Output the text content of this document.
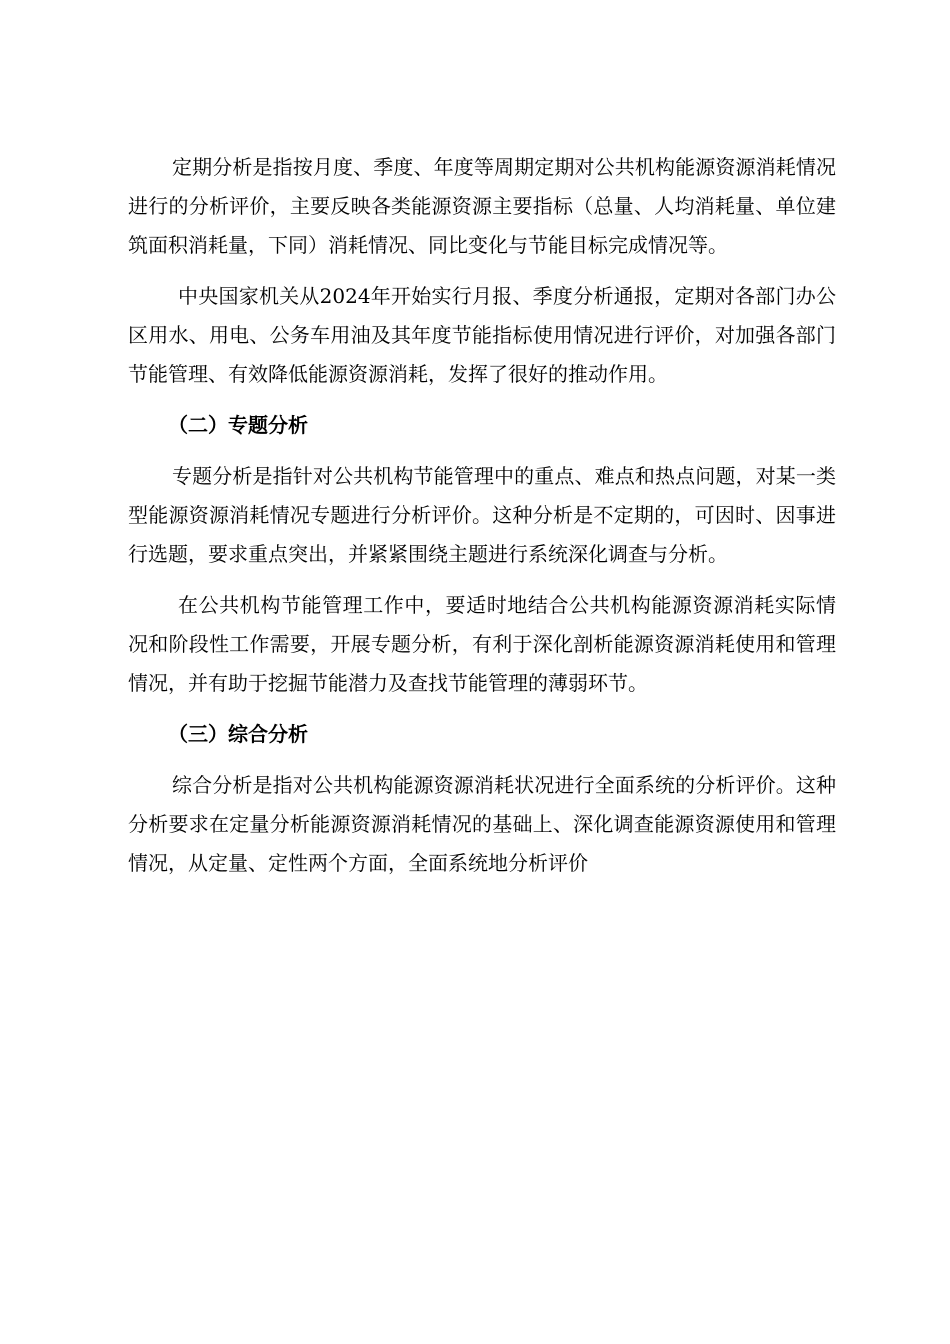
定期分析是指按月度、季度、年度等周期定期对公共机构能源资源消耗情况进行的分析评价，主要反映各类能源资源主要指标（总量、人均消耗量、单位建筑面积消耗量，下同）消耗情况、同比变化与节能目标完成情况等。

中央国家机关从2024年开始实行月报、季度分析通报，定期对各部门办公区用水、用电、公务车用油及其年度节能指标使用情况进行评价，对加强各部门节能管理、有效降低能源资源消耗，发挥了很好的推动作用。

（二）专题分析

专题分析是指针对公共机构节能管理中的重点、难点和热点问题，对某一类型能源资源消耗情况专题进行分析评价。这种分析是不定期的，可因时、因事进行选题，要求重点突出，并紧紧围绕主题进行系统深化调查与分析。

在公共机构节能管理工作中，要适时地结合公共机构能源资源消耗实际情况和阶段性工作需要，开展专题分析，有利于深化剖析能源资源消耗使用和管理情况，并有助于挖掘节能潜力及查找节能管理的薄弱环节。

（三）综合分析

综合分析是指对公共机构能源资源消耗状况进行全面系统的分析评价。这种分析要求在定量分析能源资源消耗情况的基础上、深化调查能源资源使用和管理情况，从定量、定性两个方面，全面系统地分析评价
